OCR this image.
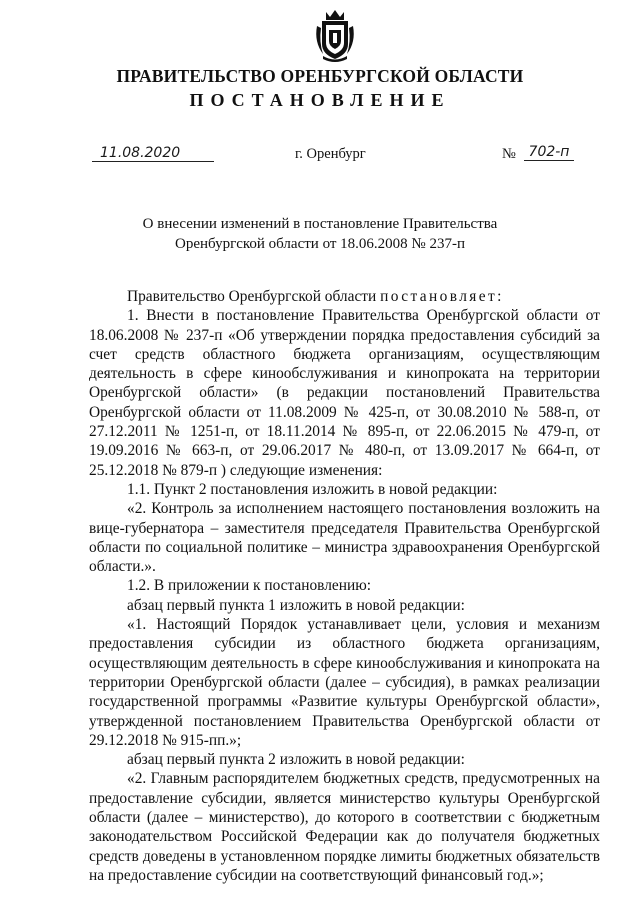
ПРАВИТЕЛЬСТВО ОРЕНБУРГСКОЙ ОБЛАСТИ
ПОСТАНОВЛЕНИЕ
11.08.2020	г. Оренбург	№ 702-п
О внесении изменений в постановление Правительства
Оренбургской области от 18.06.2008 № 237-п

Правительство Оренбургской области постановляет:

1. Внести в постановление Правительства Оренбургской области от 18.06.2008 № 237-п «Об утверждении порядка предоставления субсидий за счет средств областного бюджета организациям, осуществляющим деятельность в сфере кинообслуживания и кинопроката на территории Оренбургской области» (в редакции постановлений Правительства Оренбургской области от 11.08.2009 № 425-п, от 30.08.2010 № 588-п, от 27.12.2011 № 1251-п, от 18.11.2014 № 895-п, от 22.06.2015 № 479-п, от 19.09.2016 № 663-п, от 29.06.2017 № 480-п, от 13.09.2017 № 664-п, от 25.12.2018 № 879-п ) следующие изменения:

1.1. Пункт 2 постановления изложить в новой редакции:

«2. Контроль за исполнением настоящего постановления возложить на вице-губернатора – заместителя председателя Правительства Оренбургской области по социальной политике – министра здравоохранения Оренбургской области.».

1.2. В приложении к постановлению:

абзац первый пункта 1 изложить в новой редакции:

«1. Настоящий Порядок устанавливает цели, условия и механизм предоставления субсидии из областного бюджета организациям, осуществляющим деятельность в сфере кинообслуживания и кинопроката на территории Оренбургской области (далее – субсидия), в рамках реализации государственной программы «Развитие культуры Оренбургской области», утвержденной постановлением Правительства Оренбургской области от 29.12.2018 № 915-пп.»;

абзац первый пункта 2 изложить в новой редакции:

«2. Главным распорядителем бюджетных средств, предусмотренных на предоставление субсидии, является министерство культуры Оренбургской области (далее – министерство), до которого в соответствии с бюджетным законодательством Российской Федерации как до получателя бюджетных средств доведены в установленном порядке лимиты бюджетных обязательств на предоставление субсидии на соответствующий финансовый год.»;
